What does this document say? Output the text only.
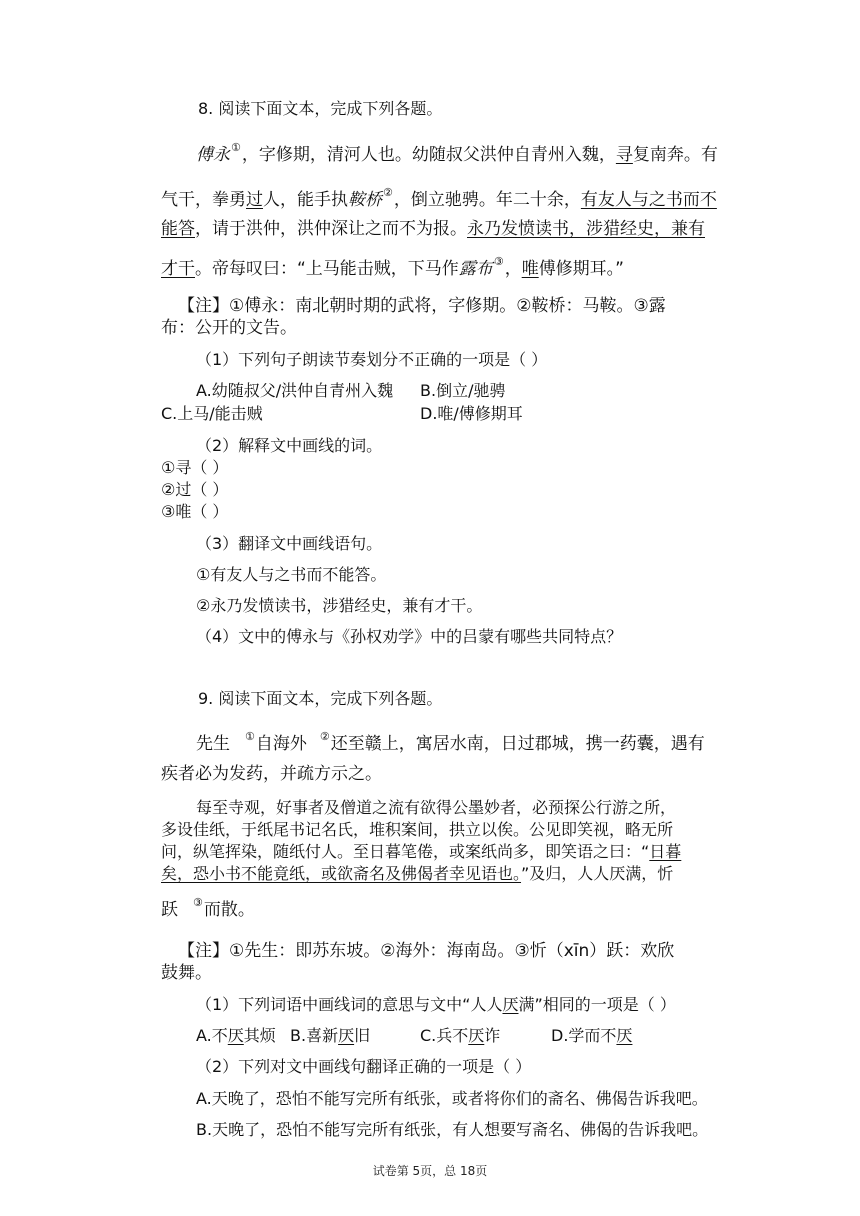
8. 阅读下面文本，完成下列各题。
傅永①，字修期，清河人也。幼随叔父洪仲自青州入魏，寻复南奔。有
气干，拳勇过人，能手执鞍桥②，倒立驰骋。年二十余，有友人与之书而不
能答，请于洪仲，洪仲深让之而不为报。永乃发愤读书，涉猎经史，兼有
才干。帝每叹曰：“上马能击贼，下马作露布③，唯傅修期耳。”
【注】①傅永：南北朝时期的武将，字修期。②鞍桥：马鞍。③露
布：公开的文告。
（1）下列句子朗读节奏划分不正确的一项是（ ）
A.幼随叔父/洪仲自青州入魏 B.倒立/驰骋
C.上马/能击贼	D.唯/傅修期耳
（2）解释文中画线的词。
①寻（ ）
②过（ ）
③唯（ ）
（3）翻译文中画线语句。
①有友人与之书而不能答。
②永乃发愤读书，涉猎经史，兼有才干。
（4）文中的傅永与《孙权劝学》中的吕蒙有哪些共同特点？
9. 阅读下面文本，完成下列各题。
先生 ①自海外 ②还至赣上，寓居水南，日过郡城，携一药囊，遇有
疾者必为发药，并疏方示之。
每至寺观，好事者及僧道之流有欲得公墨妙者，必预探公行游之所，
多设佳纸，于纸尾书记名氏，堆积案间，拱立以俟。公见即笑视，略无所
问，纵笔挥染，随纸付人。至日暮笔倦，或案纸尚多，即笑语之曰：“日暮
矣，恐小书不能竟纸，或欲斋名及佛偈者幸见语也。”及归，人人厌满，忻
跃 ③而散。
【注】①先生：即苏东坡。②海外：海南岛。③忻（xīn）跃：欢欣
鼓舞。
（1）下列词语中画线词的意思与文中“人人厌满”相同的一项是（ ）
A.不厌其烦 B.喜新厌旧	C.兵不厌诈	D.学而不厌
（2）下列对文中画线句翻译正确的一项是（ ）
A.天晚了，恐怕不能写完所有纸张，或者将你们的斋名、佛偈告诉我吧。
B.天晚了，恐怕不能写完所有纸张，有人想要写斋名、佛偈的告诉我吧。
试卷第 5页，总 18页
